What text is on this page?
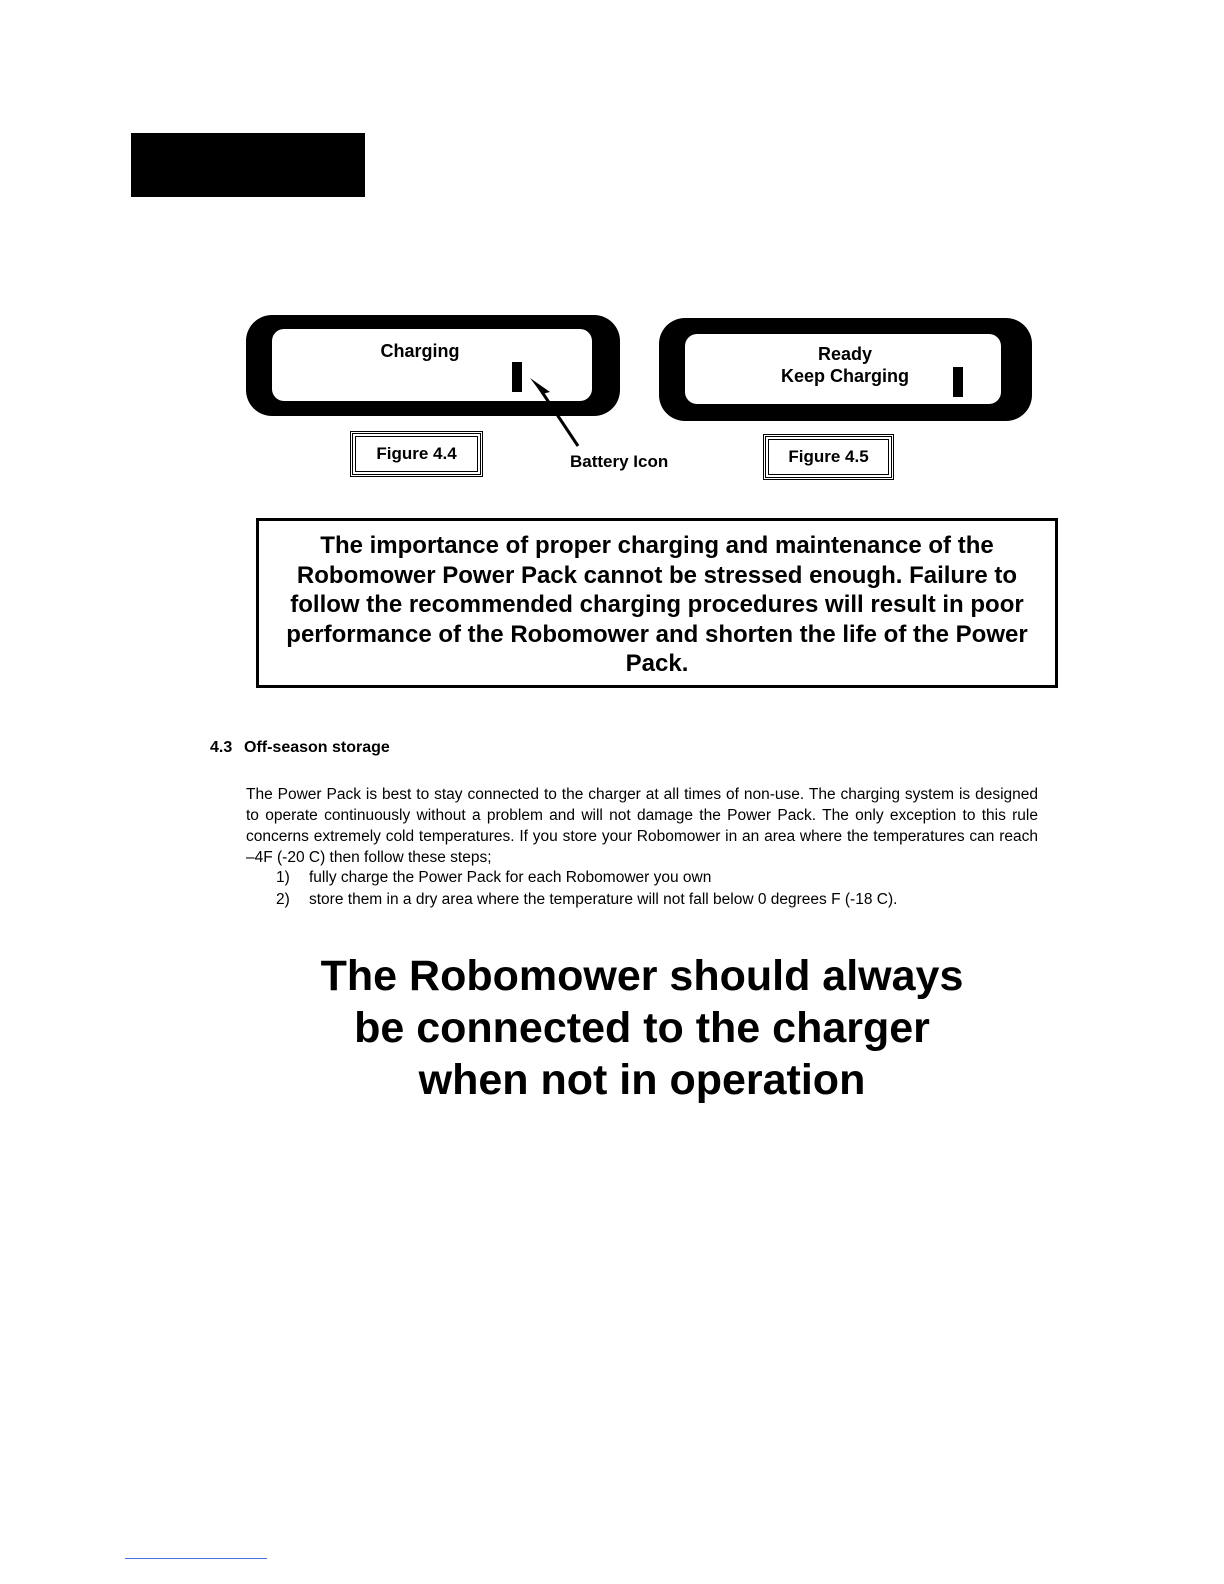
Charging	Ready
Keep Charging
Figure 4.4	Battery Icon	Figure 4.5
The importance of proper charging and maintenance of the Robomower Power Pack cannot be stressed enough. Failure to follow the recommended charging procedures will result in poor performance of the Robomower and shorten the life of the Power Pack.
4.3 Off-season storage
The Power Pack is best to stay connected to the charger at all times of non-use. The charging system is designed to operate continuously without a problem and will not damage the Power Pack. The only exception to this rule concerns extremely cold temperatures. If you store your Robomower in an area where the temperatures can reach –4F (-20 C) then follow these steps;
1) fully charge the Power Pack for each Robomower you own
2) store them in a dry area where the temperature will not fall below 0 degrees F (-18 C).
The Robomower should always
be connected to the charger
when not in operation
